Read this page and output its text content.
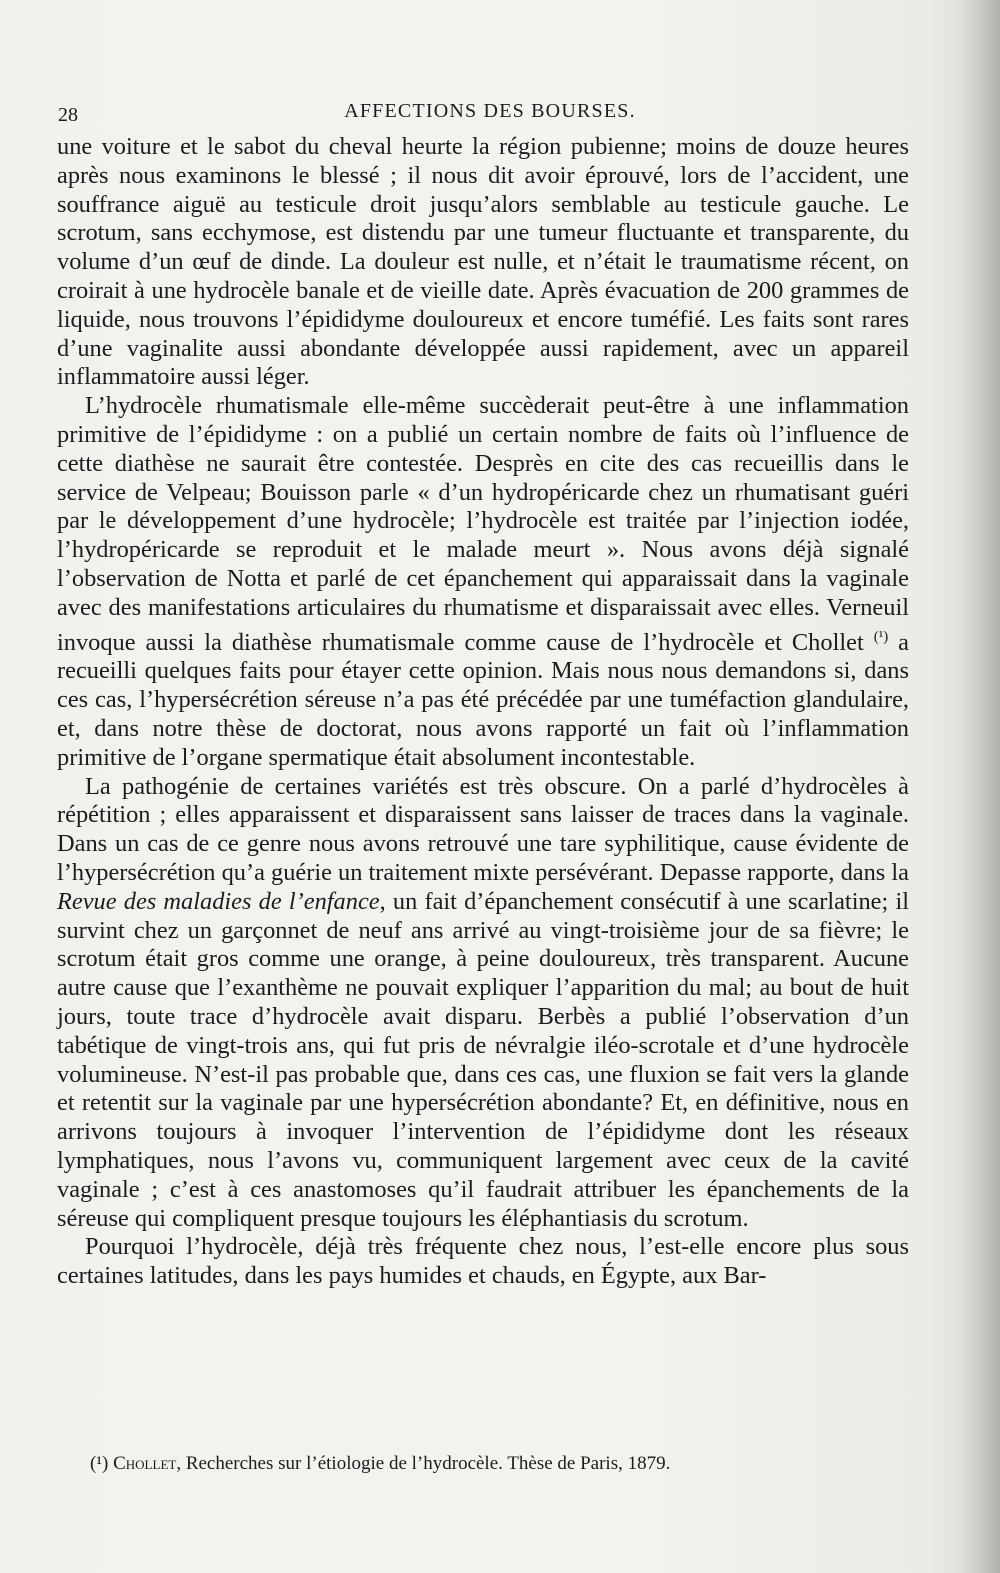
28	AFFECTIONS DES BOURSES.

une voiture et le sabot du cheval heurte la région pubienne; moins de douze heures après nous examinons le blessé ; il nous dit avoir éprouvé, lors de l’accident, une souffrance aiguë au testicule droit jusqu’alors semblable au testicule gauche. Le scrotum, sans ecchymose, est distendu par une tumeur fluctuante et transparente, du volume d’un œuf de dinde. La douleur est nulle, et n’était le traumatisme récent, on croirait à une hydrocèle banale et de vieille date. Après évacuation de 200 grammes de liquide, nous trouvons l’épididyme douloureux et encore tuméfié. Les faits sont rares d’une vaginalite aussi abondante développée aussi rapidement, avec un appareil inflammatoire aussi léger.

L’hydrocèle rhumatismale elle-même succèderait peut-être à une inflammation primitive de l’épididyme : on a publié un certain nombre de faits où l’influence de cette diathèse ne saurait être contestée. Desprès en cite des cas recueillis dans le service de Velpeau; Bouisson parle « d’un hydropéricarde chez un rhumatisant guéri par le développement d’une hydrocèle; l’hydrocèle est traitée par l’injection iodée, l’hydropéricarde se reproduit et le malade meurt ». Nous avons déjà signalé l’observation de Notta et parlé de cet épanchement qui apparaissait dans la vaginale avec des manifestations articulaires du rhumatisme et disparaissait avec elles. Verneuil invoque aussi la diathèse rhumatismale comme cause de l’hydrocèle et Chollet $^{(^1)}$ a recueilli quelques faits pour étayer cette opinion. Mais nous nous demandons si, dans ces cas, l’hypersécrétion séreuse n’a pas été précédée par une tuméfaction glandulaire, et, dans notre thèse de doctorat, nous avons rapporté un fait où l’inflammation primitive de l’organe spermatique était absolument incontestable.

La pathogénie de certaines variétés est très obscure. On a parlé d’hydrocèles à répétition ; elles apparaissent et disparaissent sans laisser de traces dans la vaginale. Dans un cas de ce genre nous avons retrouvé une tare syphilitique, cause évidente de l’hypersécrétion qu’a guérie un traitement mixte persévérant. Depasse rapporte, dans la Revue des maladies de l’enfance, un fait d’épanchement consécutif à une scarlatine; il survint chez un garçonnet de neuf ans arrivé au vingt-troisième jour de sa fièvre; le scrotum était gros comme une orange, à peine douloureux, très transparent. Aucune autre cause que l’exanthème ne pouvait expliquer l’apparition du mal; au bout de huit jours, toute trace d’hydrocèle avait disparu. Berbès a publié l’observation d’un tabétique de vingt-trois ans, qui fut pris de névralgie iléo-scrotale et d’une hydrocèle volumineuse. N’est-il pas probable que, dans ces cas, une fluxion se fait vers la glande et retentit sur la vaginale par une hypersécrétion abondante? Et, en définitive, nous en arrivons toujours à invoquer l’intervention de l’épididyme dont les réseaux lymphatiques, nous l’avons vu, communiquent largement avec ceux de la cavité vaginale ; c’est à ces anastomoses qu’il faudrait attribuer les épanchements de la séreuse qui compliquent presque toujours les éléphantiasis du scrotum.

Pourquoi l’hydrocèle, déjà très fréquente chez nous, l’est-elle encore plus sous certaines latitudes, dans les pays humides et chauds, en Égypte, aux Bar-

(¹) Chollet, Recherches sur l’étiologie de l’hydrocèle. Thèse de Paris, 1879.
